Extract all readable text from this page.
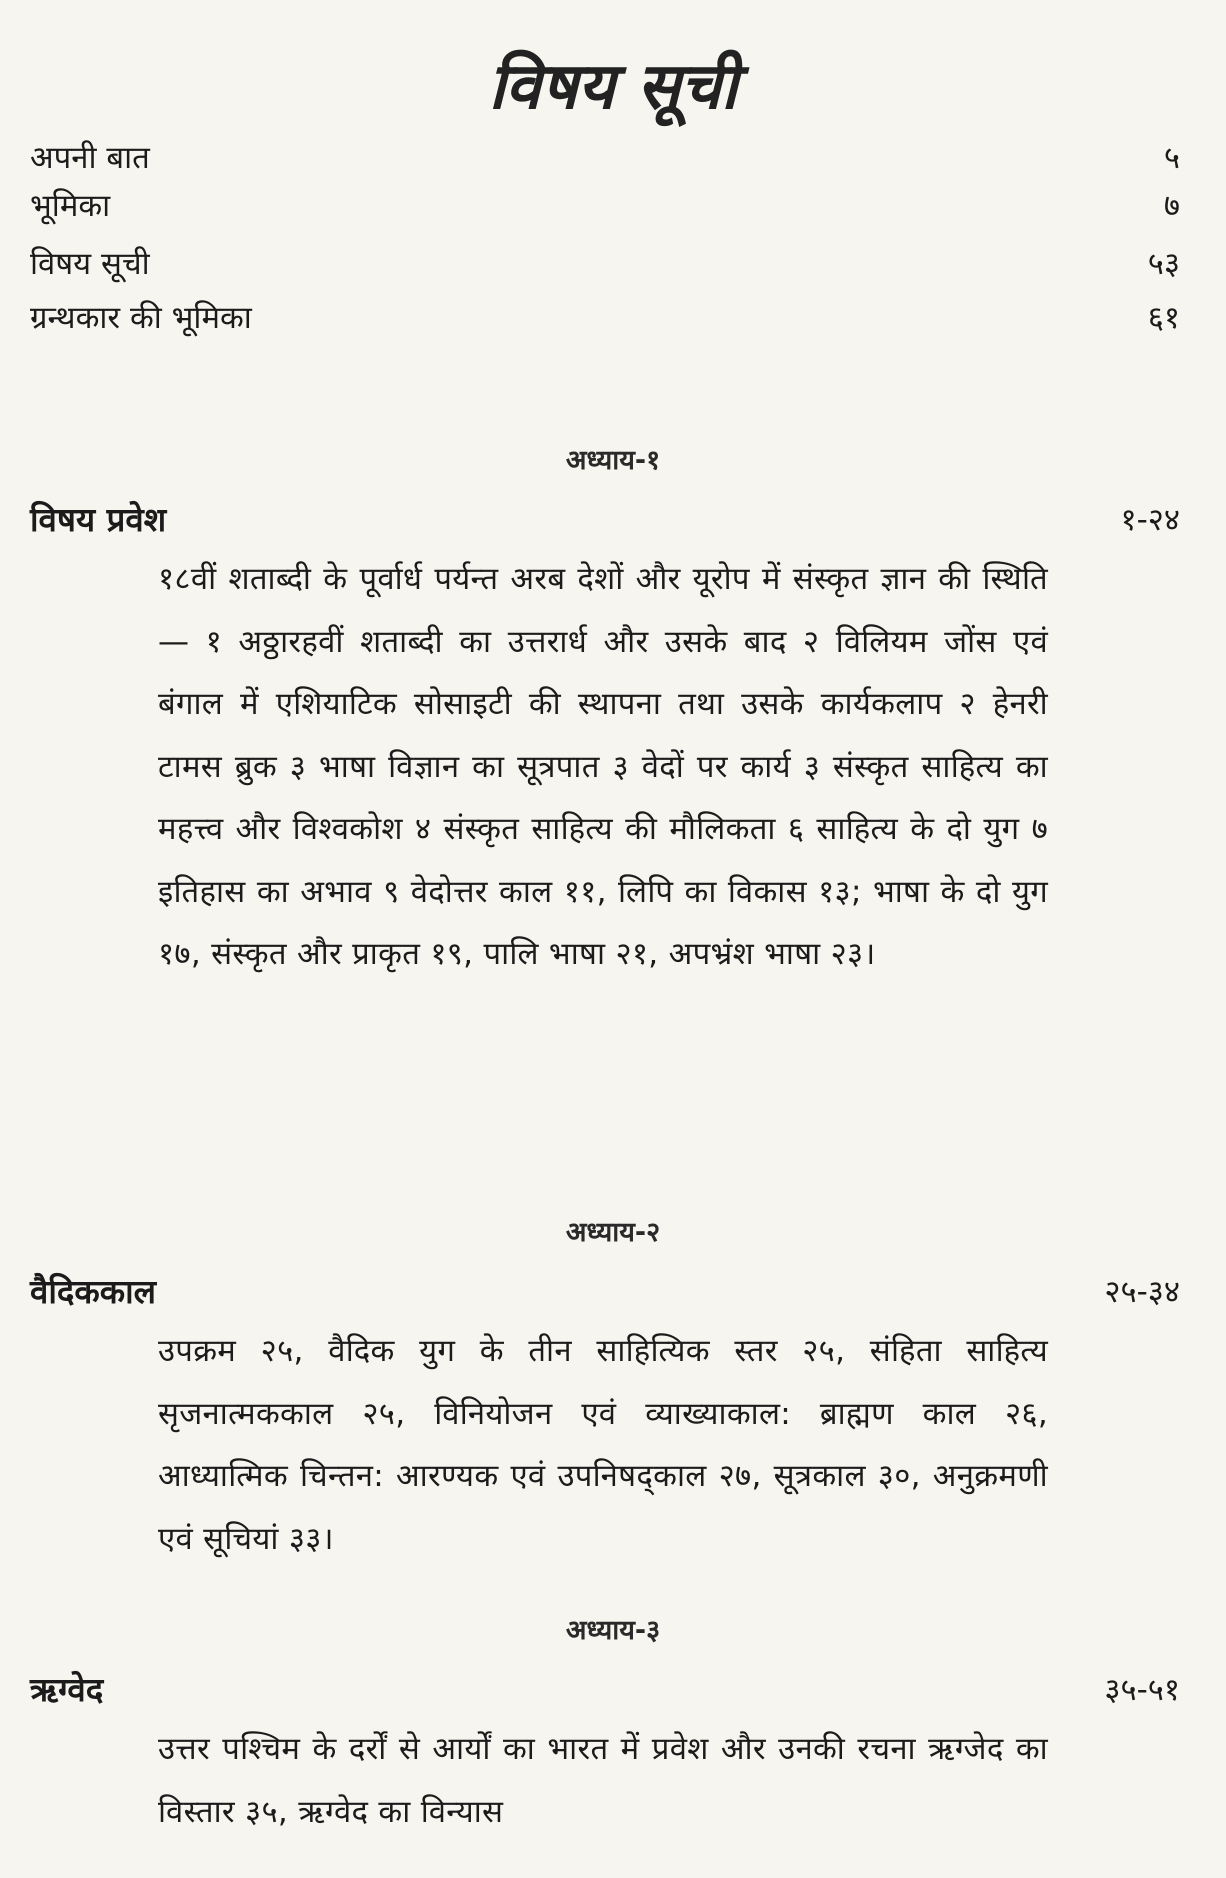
विषय सूची
अपनी बात	५
भूमिका	७
विषय सूची	५३
ग्रन्थकार की भूमिका	६१
अध्याय-१
विषय प्रवेश	१-२४
१८वीं शताब्दी के पूर्वार्ध पर्यन्त अरब देशों और यूरोप में संस्कृत ज्ञान की स्थिति — १ अठ्ठारहवीं शताब्दी का उत्तरार्ध और उसके बाद २ विलियम जोंस एवं बंगाल में एशियाटिक सोसाइटी की स्थापना तथा उसके कार्यकलाप २ हेनरी टामस ब्रुक ३ भाषा विज्ञान का सूत्रपात ३ वेदों पर कार्य ३ संस्कृत साहित्य का महत्त्व और विश्वकोश ४ संस्कृत साहित्य की मौलिकता ६ साहित्य के दो युग ७ इतिहास का अभाव ९ वेदोत्तर काल ११, लिपि का विकास १३; भाषा के दो युग १७, संस्कृत और प्राकृत १९, पालि भाषा २१, अपभ्रंश भाषा २३।
अध्याय-२
वैदिककाल	२५-३४
उपक्रम २५, वैदिक युग के तीन साहित्यिक स्तर २५, संहिता साहित्य सृजनात्मककाल २५, विनियोजन एवं व्याख्याकाल: ब्राह्मण काल २६, आध्यात्मिक चिन्तन: आरण्यक एवं उपनिषद्काल २७, सूत्रकाल ३०, अनुक्रमणी एवं सूचियां ३३।
अध्याय-३
ऋग्वेद	३५-५१
उत्तर पश्चिम के दर्रों से आर्यों का भारत में प्रवेश और उनकी रचना ऋग्जेद का विस्तार ३५, ऋग्वेद का विन्यास
